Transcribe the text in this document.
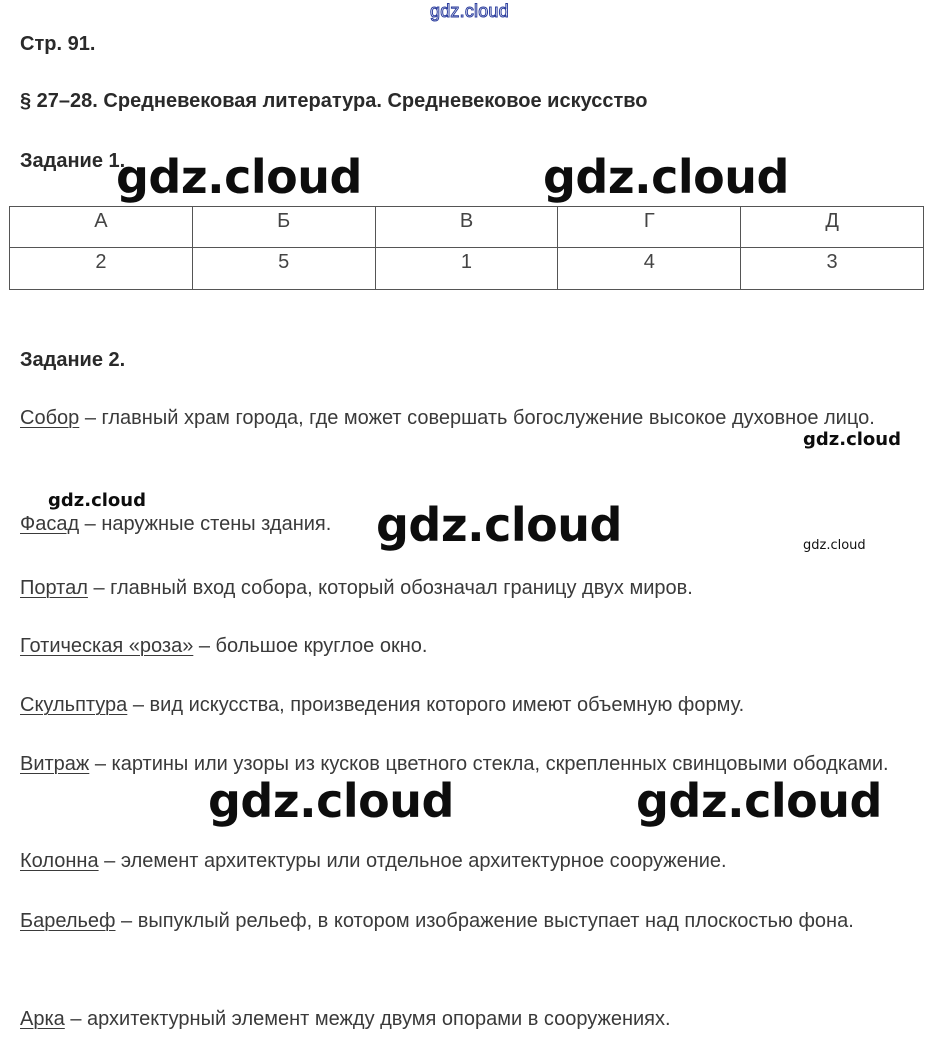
gdz.cloud
Стр. 91.
§ 27–28. Средневековая литература. Средневековое искусство
Задание 1.
А	Б	В	Г	Д
2	5	1	4	3
Задание 2.
Собор – главный храм города, где может совершать богослужение высокое духовное лицо.
Фасад – наружные стены здания.
Портал – главный вход собора, который обозначал границу двух миров.
Готическая «роза» – большое круглое окно.
Скульптура – вид искусства, произведения которого имеют объемную форму.
Витраж – картины или узоры из кусков цветного стекла, скрепленных свинцовыми ободками.
Колонна – элемент архитектуры или отдельное архитектурное сооружение.
Барельеф – выпуклый рельеф, в котором изображение выступает над плоскостью фона.
Арка – архитектурный элемент между двумя опорами в сооружениях.
gdz.cloud	gdz.cloud
gdz.cloud
gdz.cloud	gdz.cloud	gdz.cloud
gdz.cloud	gdz.cloud
